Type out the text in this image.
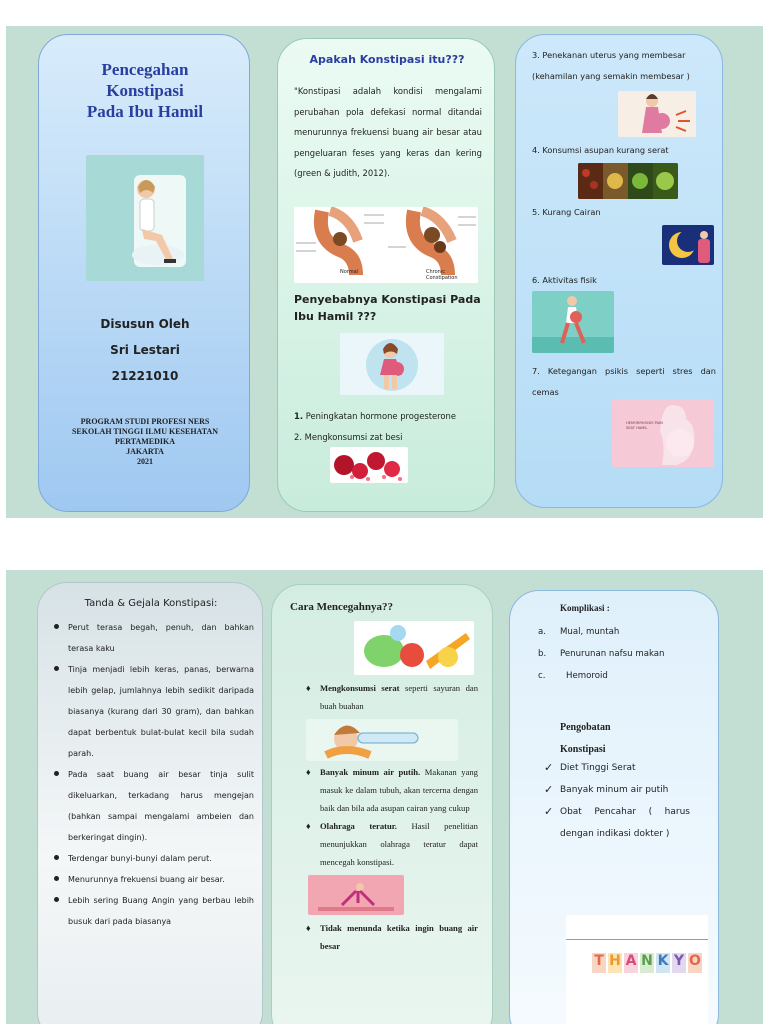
Pencegahan
Konstipasi
Pada Ibu Hamil
Disusun Oleh
Sri Lestari
21221010
PROGRAM STUDI PROFESI NERS
SEKOLAH TINGGI ILMU KESEHATAN
PERTAMEDIKA
JAKARTA
2021
Apakah Konstipasi itu???
"Konstipasi adalah kondisi mengalami perubahan pola defekasi normal ditandai menurunnya frekuensi buang air besar atau pengeluaran feses yang keras dan kering (green & judith, 2012).
Normal	Chronic Constipation
Penyebabnya Konstipasi Pada Ibu Hamil ???
1. Peningkatan hormone progesterone
2. Mengkonsumsi zat besi
3. Penekanan uterus yang membesar (kehamilan yang semakin membesar )
4. Konsumsi asupan kurang serat
5. Kurang Cairan
6. Aktivitas fisik
7. Ketegangan psikis seperti stres dan cemas
HEMORRHOIDS PAIN SEAT HAMIL
Tanda & Gejala Konstipasi:
Perut terasa begah, penuh, dan bahkan terasa kaku
Tinja menjadi lebih keras, panas, berwarna lebih gelap, jumlahnya lebih sedikit daripada biasanya (kurang dari 30 gram), dan bahkan dapat berbentuk bulat-bulat kecil bila sudah parah.
Pada saat buang air besar tinja sulit dikeluarkan, terkadang harus mengejan (bahkan sampai mengalami ambeien dan berkeringat dingin).
Terdengar bunyi-bunyi dalam perut.
Menurunnya frekuensi buang air besar.
Lebih sering Buang Angin yang berbau lebih busuk dari pada biasanya
Cara Mencegahnya??
♦ Mengkonsumsi serat seperti sayuran dan buah buahan
♦ Banyak minum air putih. Makanan yang masuk ke dalam tubuh, akan tercerna dengan baik dan bila ada asupan cairan yang cukup
♦ Olahraga teratur. Hasil penelitian menunjukkan olahraga teratur dapat mencegah konstipasi.
♦ Tidak menunda ketika ingin buang air besar
Komplikasi :
a. Mual, muntah
b. Penurunan nafsu makan
c. Hemoroid
Pengobatan
Konstipasi
✓ Diet Tinggi Serat
✓ Banyak minum air putih
✓ Obat Pencahar ( harus dengan indikasi dokter )
T H A N K Y O
